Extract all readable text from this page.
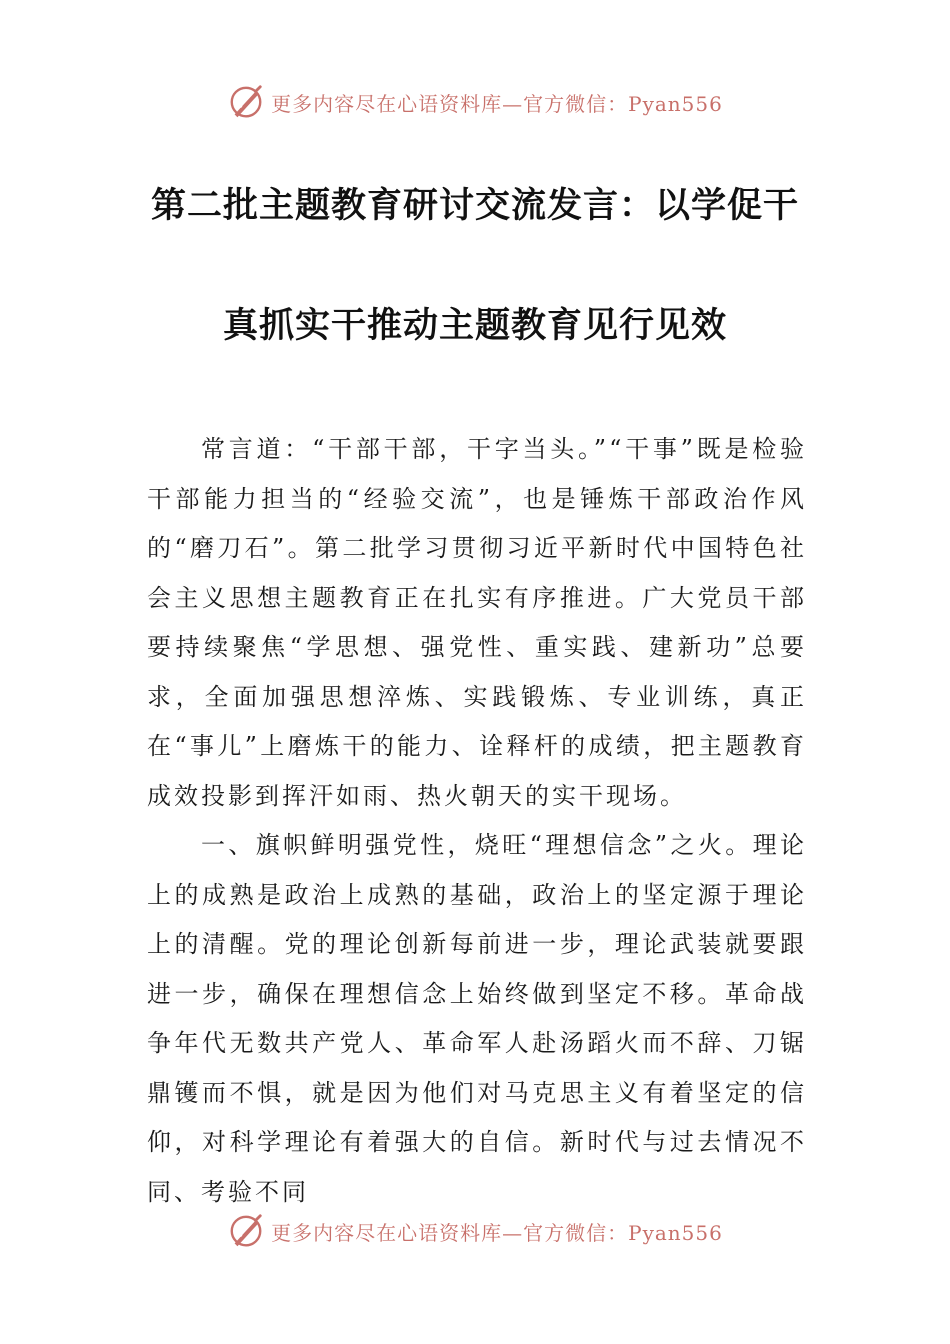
更多内容尽在心语资料库—官方微信：Pyan556
第二批主题教育研讨交流发言：以学促干
真抓实干推动主题教育见行见效

常言道：“干部干部，干字当头。”“干事”既是检验干部能力担当的“经验交流”，也是锤炼干部政治作风的“磨刀石”。第二批学习贯彻习近平新时代中国特色社会主义思想主题教育正在扎实有序推进。广大党员干部要持续聚焦“学思想、强党性、重实践、建新功”总要求，全面加强思想淬炼、实践锻炼、专业训练，真正在“事儿”上磨炼干的能力、诠释杆的成绩，把主题教育成效投影到挥汗如雨、热火朝天的实干现场。

一、旗帜鲜明强党性，烧旺“理想信念”之火。理论上的成熟是政治上成熟的基础，政治上的坚定源于理论上的清醒。党的理论创新每前进一步，理论武装就要跟进一步，确保在理想信念上始终做到坚定不移。革命战争年代无数共产党人、革命军人赴汤蹈火而不辞、刀锯鼎镬而不惧，就是因为他们对马克思主义有着坚定的信仰，对科学理论有着强大的自信。新时代与过去情况不同、考验不同

更多内容尽在心语资料库—官方微信：Pyan556
